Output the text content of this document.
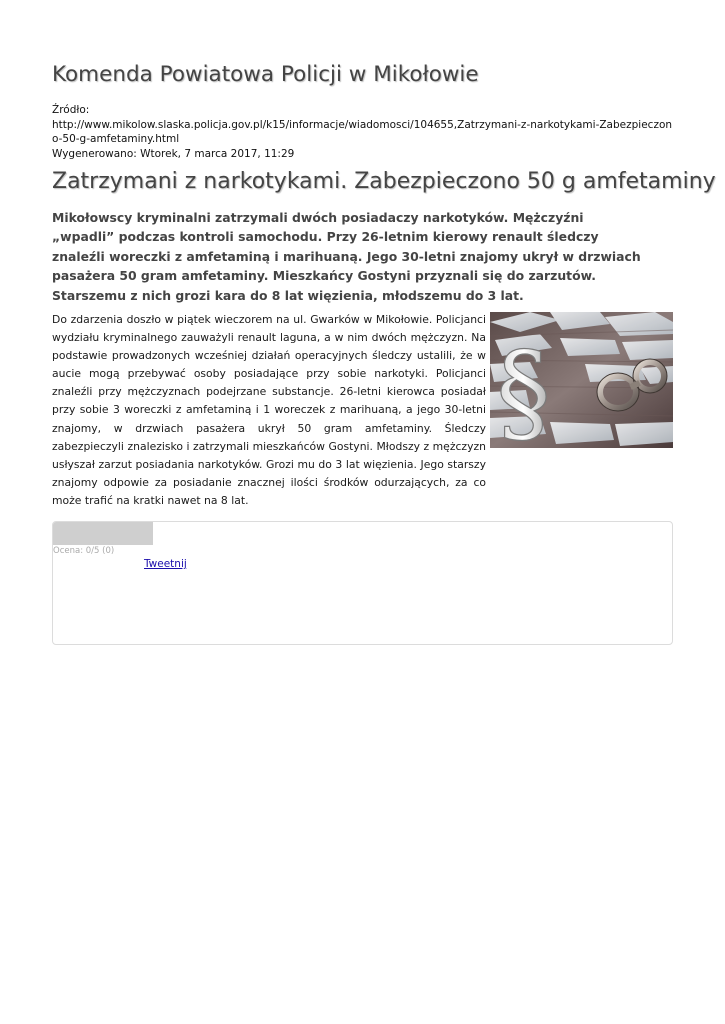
Komenda Powiatowa Policji w Mikołowie
Źródło:
http://www.mikolow.slaska.policja.gov.pl/k15/informacje/wiadomosci/104655,Zatrzymani-z-narkotykami-Zabezpieczono-50-g-amfetaminy.html
Wygenerowano: Wtorek, 7 marca 2017, 11:29
Zatrzymani z narkotykami. Zabezpieczono 50 g amfetaminy

Mikołowscy kryminalni zatrzymali dwóch posiadaczy narkotyków. Mężczyźni „wpadli” podczas kontroli samochodu. Przy 26-letnim kierowy renault śledczy znaleźli woreczki z amfetaminą i marihuaną. Jego 30-letni znajomy ukrył w drzwiach pasażera 50 gram amfetaminy. Mieszkańcy Gostyni przyznali się do zarzutów. Starszemu z nich grozi kara do 8 lat więzienia, młodszemu do 3 lat.

§

Do zdarzenia doszło w piątek wieczorem na ul. Gwarków w Mikołowie. Policjanci wydziału kryminalnego zauważyli renault laguna, a w nim dwóch mężczyzn. Na podstawie prowadzonych wcześniej działań operacyjnych śledczy ustalili, że w aucie mogą przebywać osoby posiadające przy sobie narkotyki. Policjanci znaleźli przy mężczyznach podejrzane substancje. 26-letni kierowca posiadał przy sobie 3 woreczki z amfetaminą i 1 woreczek z marihuaną, a jego 30-letni znajomy, w drzwiach pasażera ukrył 50 gram amfetaminy. Śledczy zabezpieczyli znalezisko i zatrzymali mieszkańców Gostyni. Młodszy z mężczyzn usłyszał zarzut posiadania narkotyków. Grozi mu do 3 lat więzienia. Jego starszy znajomy odpowie za posiadanie znacznej ilości środków odurzających, za co może trafić na kratki nawet na 8 lat.

Ocena: 0/5 (0)
Tweetnij
